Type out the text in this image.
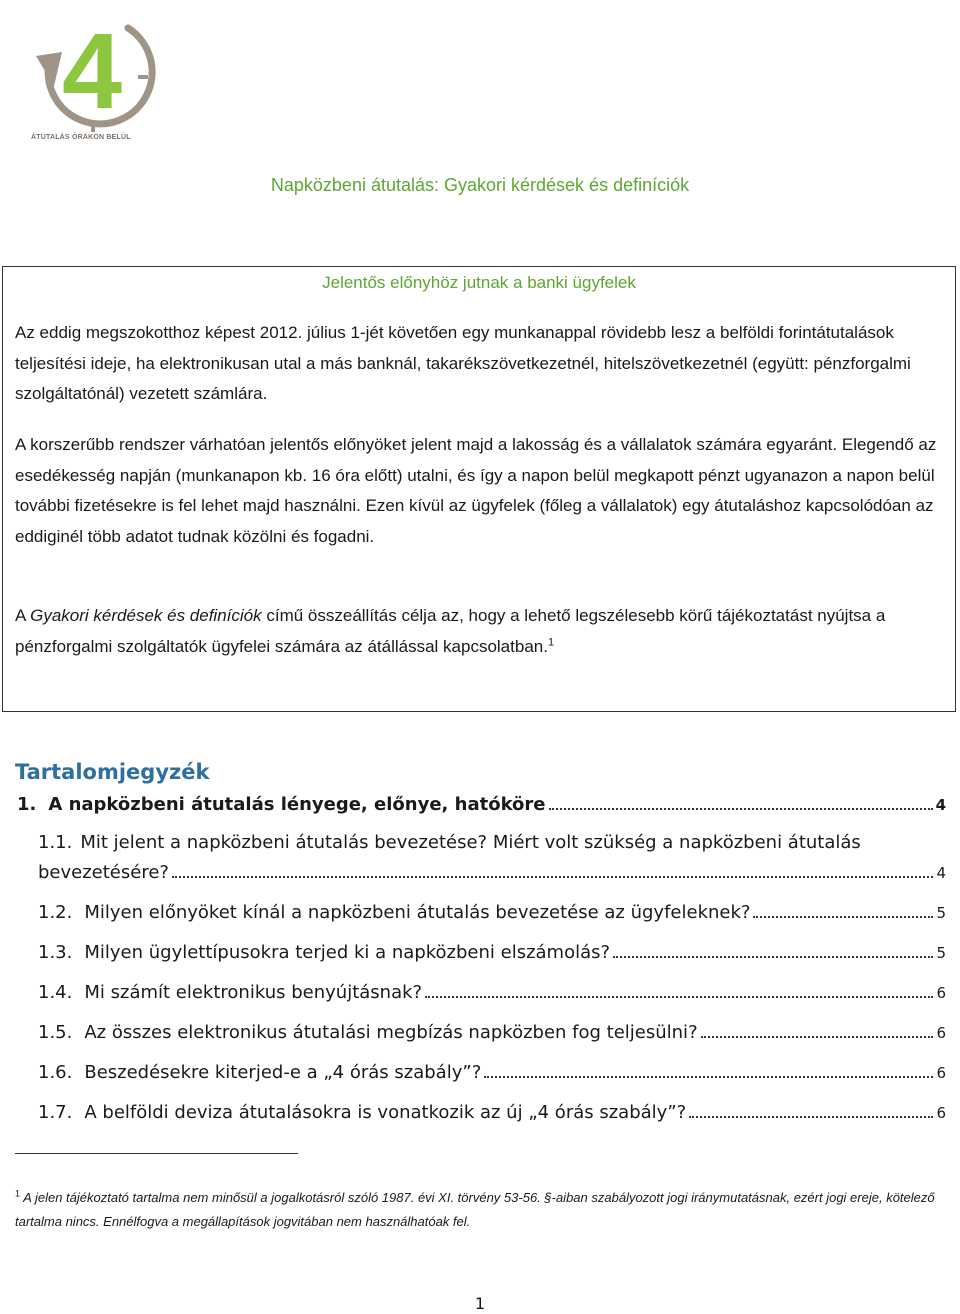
4
ÁTUTALÁS ÓRÁKON BELÜL
Napközbeni átutalás: Gyakori kérdések és definíciók
Jelentős előnyhöz jutnak a banki ügyfelek

Az eddig megszokotthoz képest 2012. július 1-jét követően egy munkanappal rövidebb lesz a belföldi forintátutalások teljesítési ideje, ha elektronikusan utal a más banknál, takarékszövetkezetnél, hitelszövetkezetnél (együtt: pénzforgalmi szolgáltatónál) vezetett számlára.

A korszerűbb rendszer várhatóan jelentős előnyöket jelent majd a lakosság és a vállalatok számára egyaránt. Elegendő az esedékesség napján (munkanapon kb. 16 óra előtt) utalni, és így a napon belül megkapott pénzt ugyanazon a napon belül további fizetésekre is fel lehet majd használni. Ezen kívül az ügyfelek (főleg a vállalatok) egy átutaláshoz kapcsolódóan az eddiginél több adatot tudnak közölni és fogadni.

A Gyakori kérdések és definíciók című összeállítás célja az, hogy a lehető legszélesebb körű tájékoztatást nyújtsa a pénzforgalmi szolgáltatók ügyfelei számára az átállással kapcsolatban.$^1$

Tartalomjegyzék
1. A napközbeni átutalás lényege, előnye, hatóköre	4
1.1. Mit jelent a napközbeni átutalás bevezetése? Miért volt szükség a napközbeni átutalás
bevezetésére?	4
1.2. Milyen előnyöket kínál a napközbeni átutalás bevezetése az ügyfeleknek?	5
1.3. Milyen ügylettípusokra terjed ki a napközbeni elszámolás?	5
1.4. Mi számít elektronikus benyújtásnak?	6
1.5. Az összes elektronikus átutalási megbízás napközben fog teljesülni?	6
1.6. Beszedésekre kiterjed-e a „4 órás szabály”?	6
1.7. A belföldi deviza átutalásokra is vonatkozik az új „4 órás szabály”?	6
$^1$ A jelen tájékoztató tartalma nem minősül a jogalkotásról szóló 1987. évi XI. törvény 53-56. §-aiban szabályozott jogi iránymutatásnak, ezért jogi ereje, kötelező tartalma nincs. Ennélfogva a megállapítások jogvitában nem használhatóak fel.
1
